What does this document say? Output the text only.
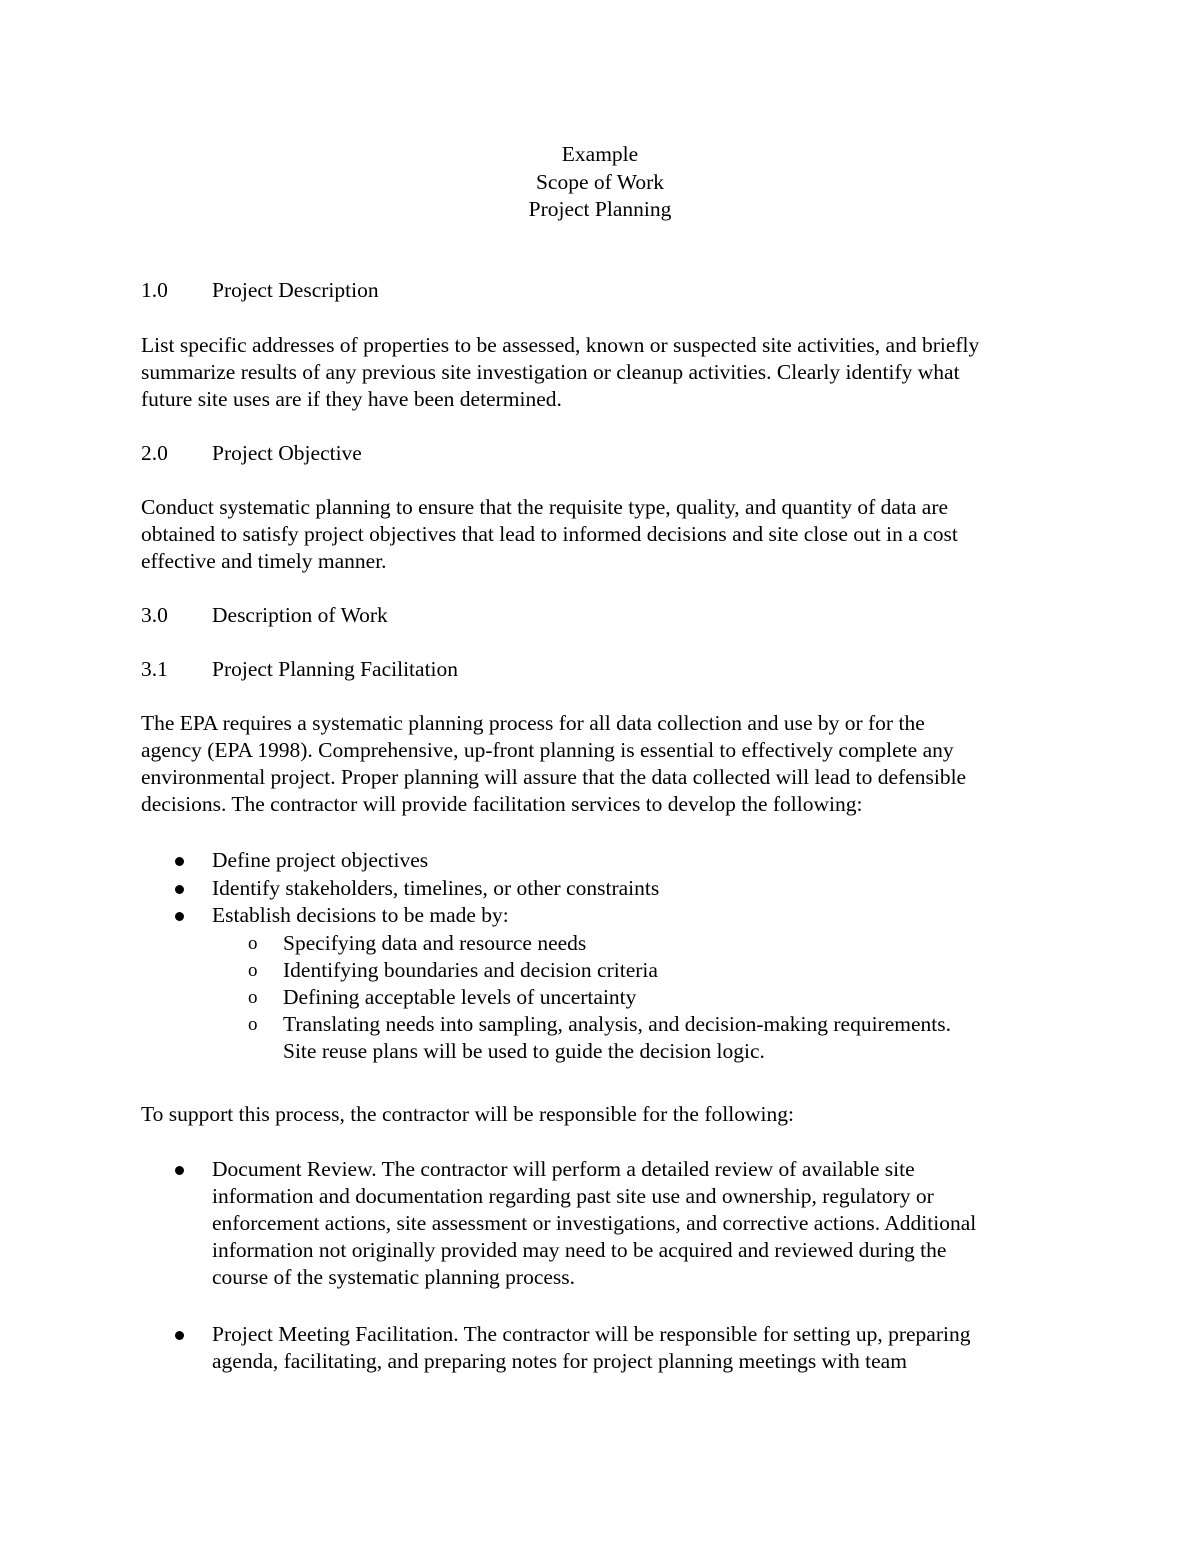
Example
Scope of Work
Project Planning
1.0 Project Description
List specific addresses of properties to be assessed, known or suspected site activities, and briefly
summarize results of any previous site investigation or cleanup activities. Clearly identify what
future site uses are if they have been determined.
2.0 Project Objective
Conduct systematic planning to ensure that the requisite type, quality, and quantity of data are
obtained to satisfy project objectives that lead to informed decisions and site close out in a cost
effective and timely manner.
3.0 Description of Work
3.1 Project Planning Facilitation
The EPA requires a systematic planning process for all data collection and use by or for the
agency (EPA 1998). Comprehensive, up-front planning is essential to effectively complete any
environmental project. Proper planning will assure that the data collected will lead to defensible
decisions. The contractor will provide facilitation services to develop the following:
Define project objectives
Identify stakeholders, timelines, or other constraints
Establish decisions to be made by:
o Specifying data and resource needs
o Identifying boundaries and decision criteria
o Defining acceptable levels of uncertainty
o Translating needs into sampling, analysis, and decision-making requirements.
Site reuse plans will be used to guide the decision logic.
To support this process, the contractor will be responsible for the following:
Document Review. The contractor will perform a detailed review of available site
information and documentation regarding past site use and ownership, regulatory or
enforcement actions, site assessment or investigations, and corrective actions. Additional
information not originally provided may need to be acquired and reviewed during the
course of the systematic planning process.
Project Meeting Facilitation. The contractor will be responsible for setting up, preparing
agenda, facilitating, and preparing notes for project planning meetings with team
